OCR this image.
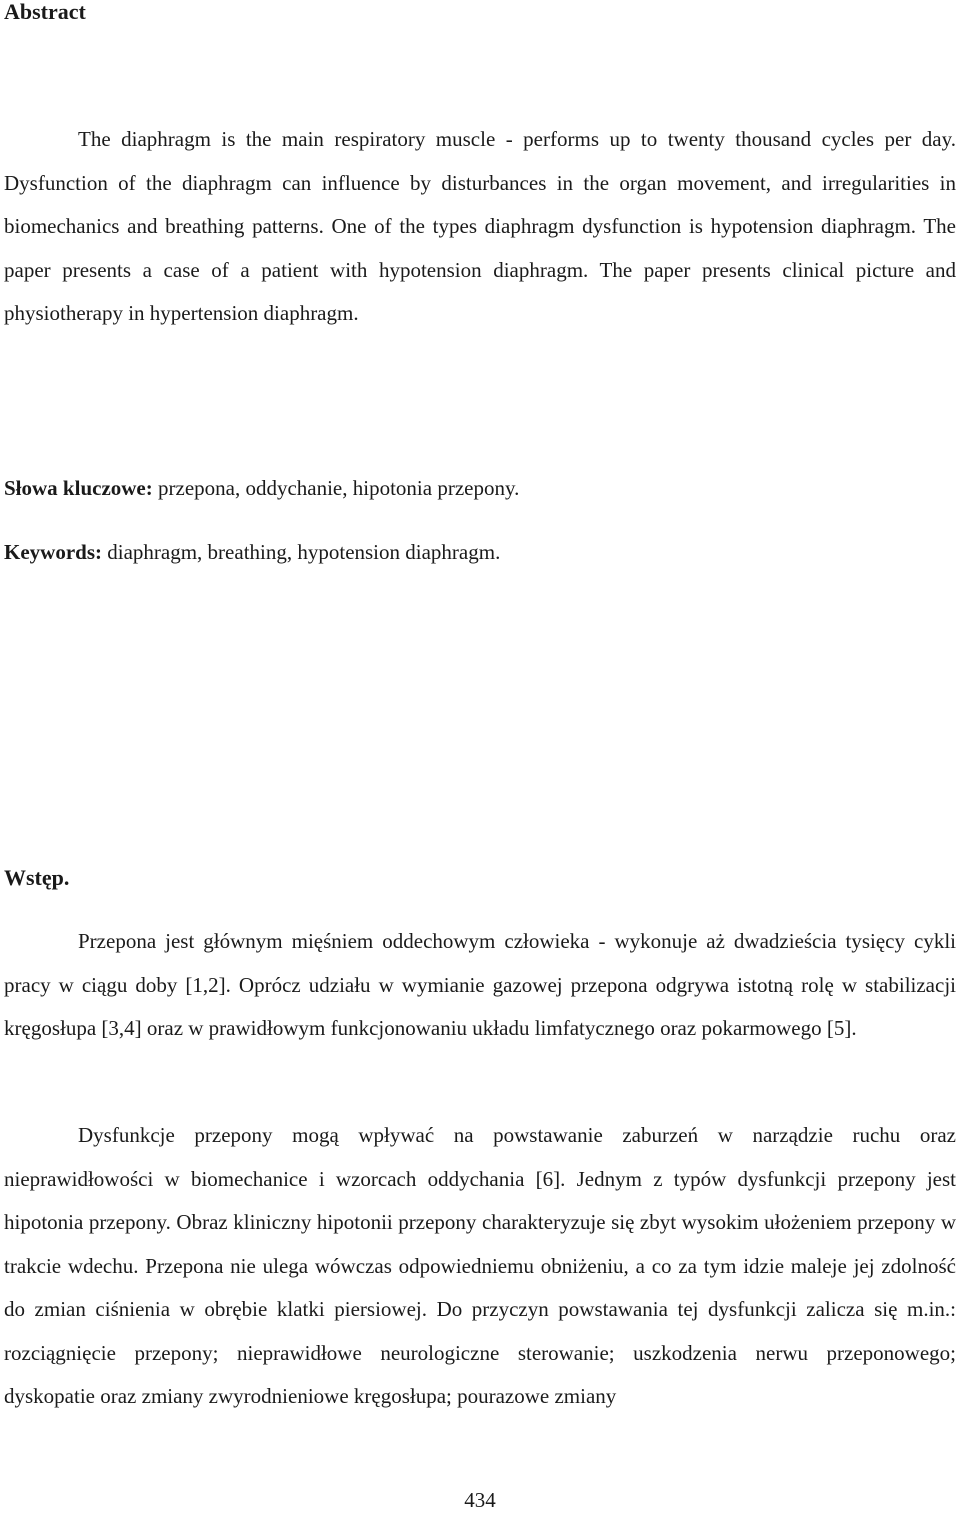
Abstract

The diaphragm is the main respiratory muscle - performs up to twenty thousand cycles per day. Dysfunction of the diaphragm can influence by disturbances in the organ movement, and irregularities in biomechanics and breathing patterns. One of the types diaphragm dysfunction is hypotension diaphragm. The paper presents a case of a patient with hypotension diaphragm. The paper presents clinical picture and physiotherapy in hypertension diaphragm.

Słowa kluczowe: przepona, oddychanie, hipotonia przepony.

Keywords: diaphragm, breathing, hypotension diaphragm.

Wstęp.

Przepona jest głównym mięśniem oddechowym człowieka - wykonuje aż dwadzieścia tysięcy cykli pracy w ciągu doby [1,2]. Oprócz udziału w wymianie gazowej przepona odgrywa istotną rolę w stabilizacji kręgosłupa [3,4] oraz w prawidłowym funkcjonowaniu układu limfatycznego oraz pokarmowego [5].

Dysfunkcje przepony mogą wpływać na powstawanie zaburzeń w narządzie ruchu oraz nieprawidłowości w biomechanice i wzorcach oddychania [6]. Jednym z typów dysfunkcji przepony jest hipotonia przepony. Obraz kliniczny hipotonii przepony charakteryzuje się zbyt wysokim ułożeniem przepony w trakcie wdechu. Przepona nie ulega wówczas odpowiedniemu obniżeniu, a co za tym idzie maleje jej zdolność do zmian ciśnienia w obrębie klatki piersiowej. Do przyczyn powstawania tej dysfunkcji zalicza się m.in.: rozciągnięcie przepony; nieprawidłowe neurologiczne sterowanie; uszkodzenia nerwu przeponowego; dyskopatie oraz zmiany zwyrodnieniowe kręgosłupa; pourazowe zmiany

434
